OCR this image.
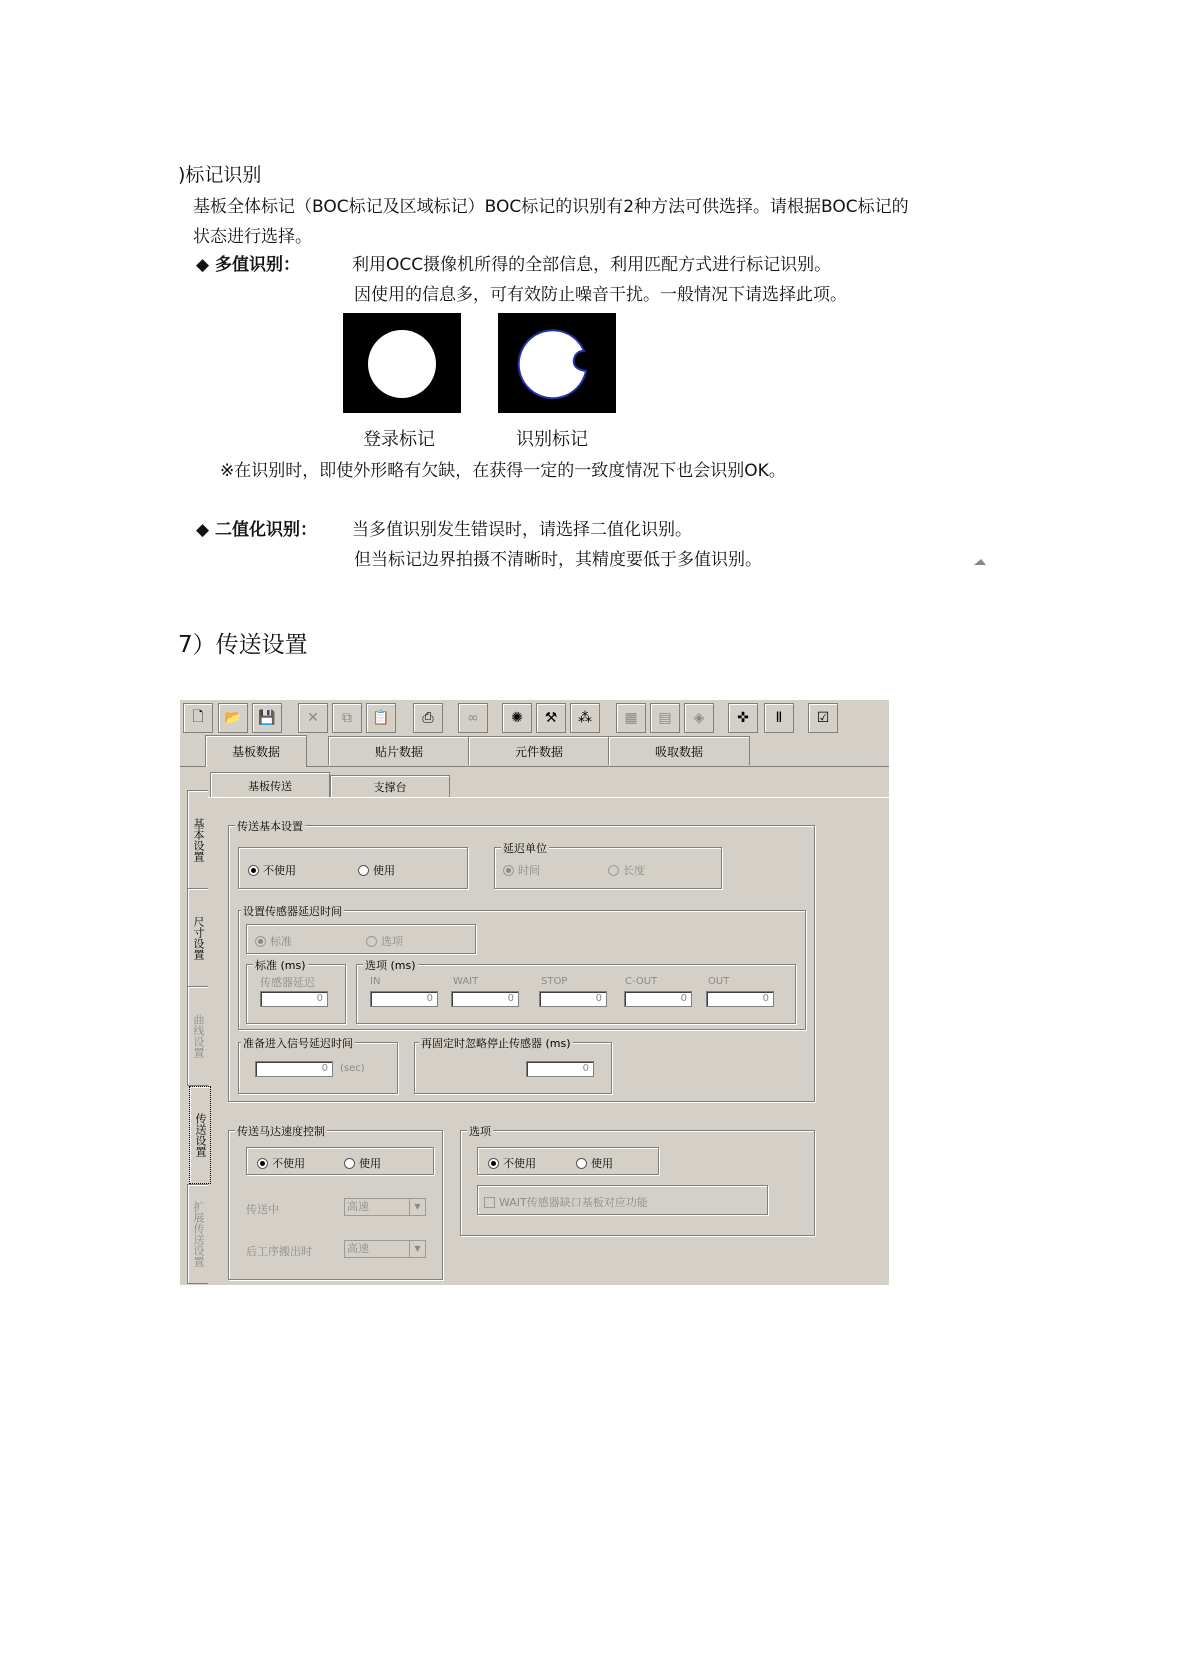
)标记识别
基板全体标记（BOC标记及区域标记）BOC标记的识别有2种方法可供选择。请根据BOC标记的
状态进行选择。
◆ 多值识别：	利用OCC摄像机所得的全部信息，利用匹配方式进行标记识别。
因使用的信息多，可有效防止噪音干扰。一般情况下请选择此项。
登录标记	识别标记
※在识别时，即使外形略有欠缺，在获得一定的一致度情况下也会识别OK。
◆ 二值化识别： 当多值识别发生错误时，请选择二值化识别。
但当标记边界拍摄不清晰时，其精度要低于多值识别。
7）传送设置
🗋 📂 💾 ✕ ⧉ 📋 ⎙ ∞ ✺ ⚒ ⁂ ▦ ▤ ◈ ✜ Ⅱ ☑
基板数据	贴片数据	元件数据	吸取数据
基板传送	支撑台
基本设置
尺寸设置
曲线设置
传送设置
扩展传送设置
传送基本设置
不使用	使用
延迟单位
时间	长度
设置传感器延迟时间
标准	选项
标准 (ms)
传感器延迟
0
选项 (ms)
IN	WAIT	STOP	C-OUT	OUT
0	0	0	0	0
准备进入信号延迟时间
0	(sec)
再固定时忽略停止传感器 (ms)
0
传送马达速度控制
不使用	使用
传送中	高速	▼
后工序搬出时	高速	▼
选项
不使用	使用
WAIT传感器缺口基板对应功能
